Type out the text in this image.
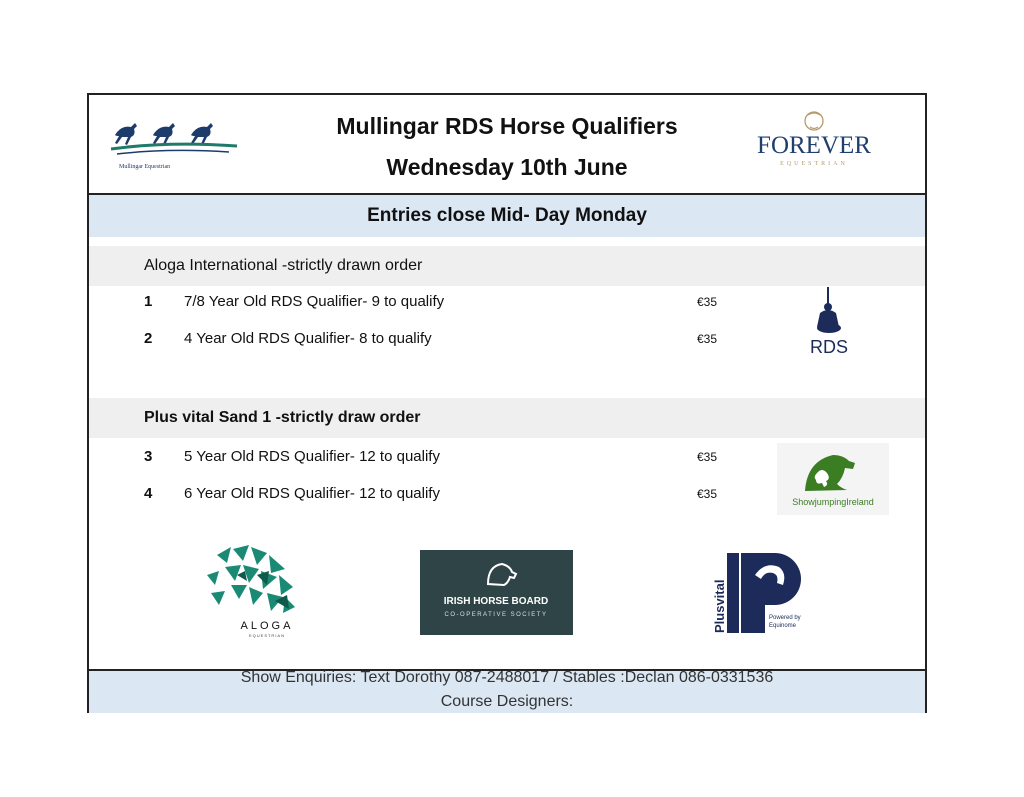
Mullingar Equestrian
Mullingar RDS Horse Qualifiers
Wednesday 10th June
FOREVER
EQUESTRIAN
Entries close Mid- Day Monday
Aloga International -strictly drawn order
1 7/8 Year Old RDS Qualifier- 9 to qualify	€35
2 4 Year Old RDS Qualifier- 8 to qualify	€35	RDS
Plus vital Sand 1 -strictly draw order
3 5 Year Old RDS Qualifier- 12 to qualify	€35
4 6 Year Old RDS Qualifier- 12 to qualify	€35
ShowjumpingIreland
ALOGA
EQUESTRIAN
IRISH HORSE BOARD
CO-OPERATIVE SOCIETY	Plusvital	Powered by
Equinome
Show Enquiries: Text Dorothy 087-2488017 / Stables :Declan 086-0331536
Course Designers:
